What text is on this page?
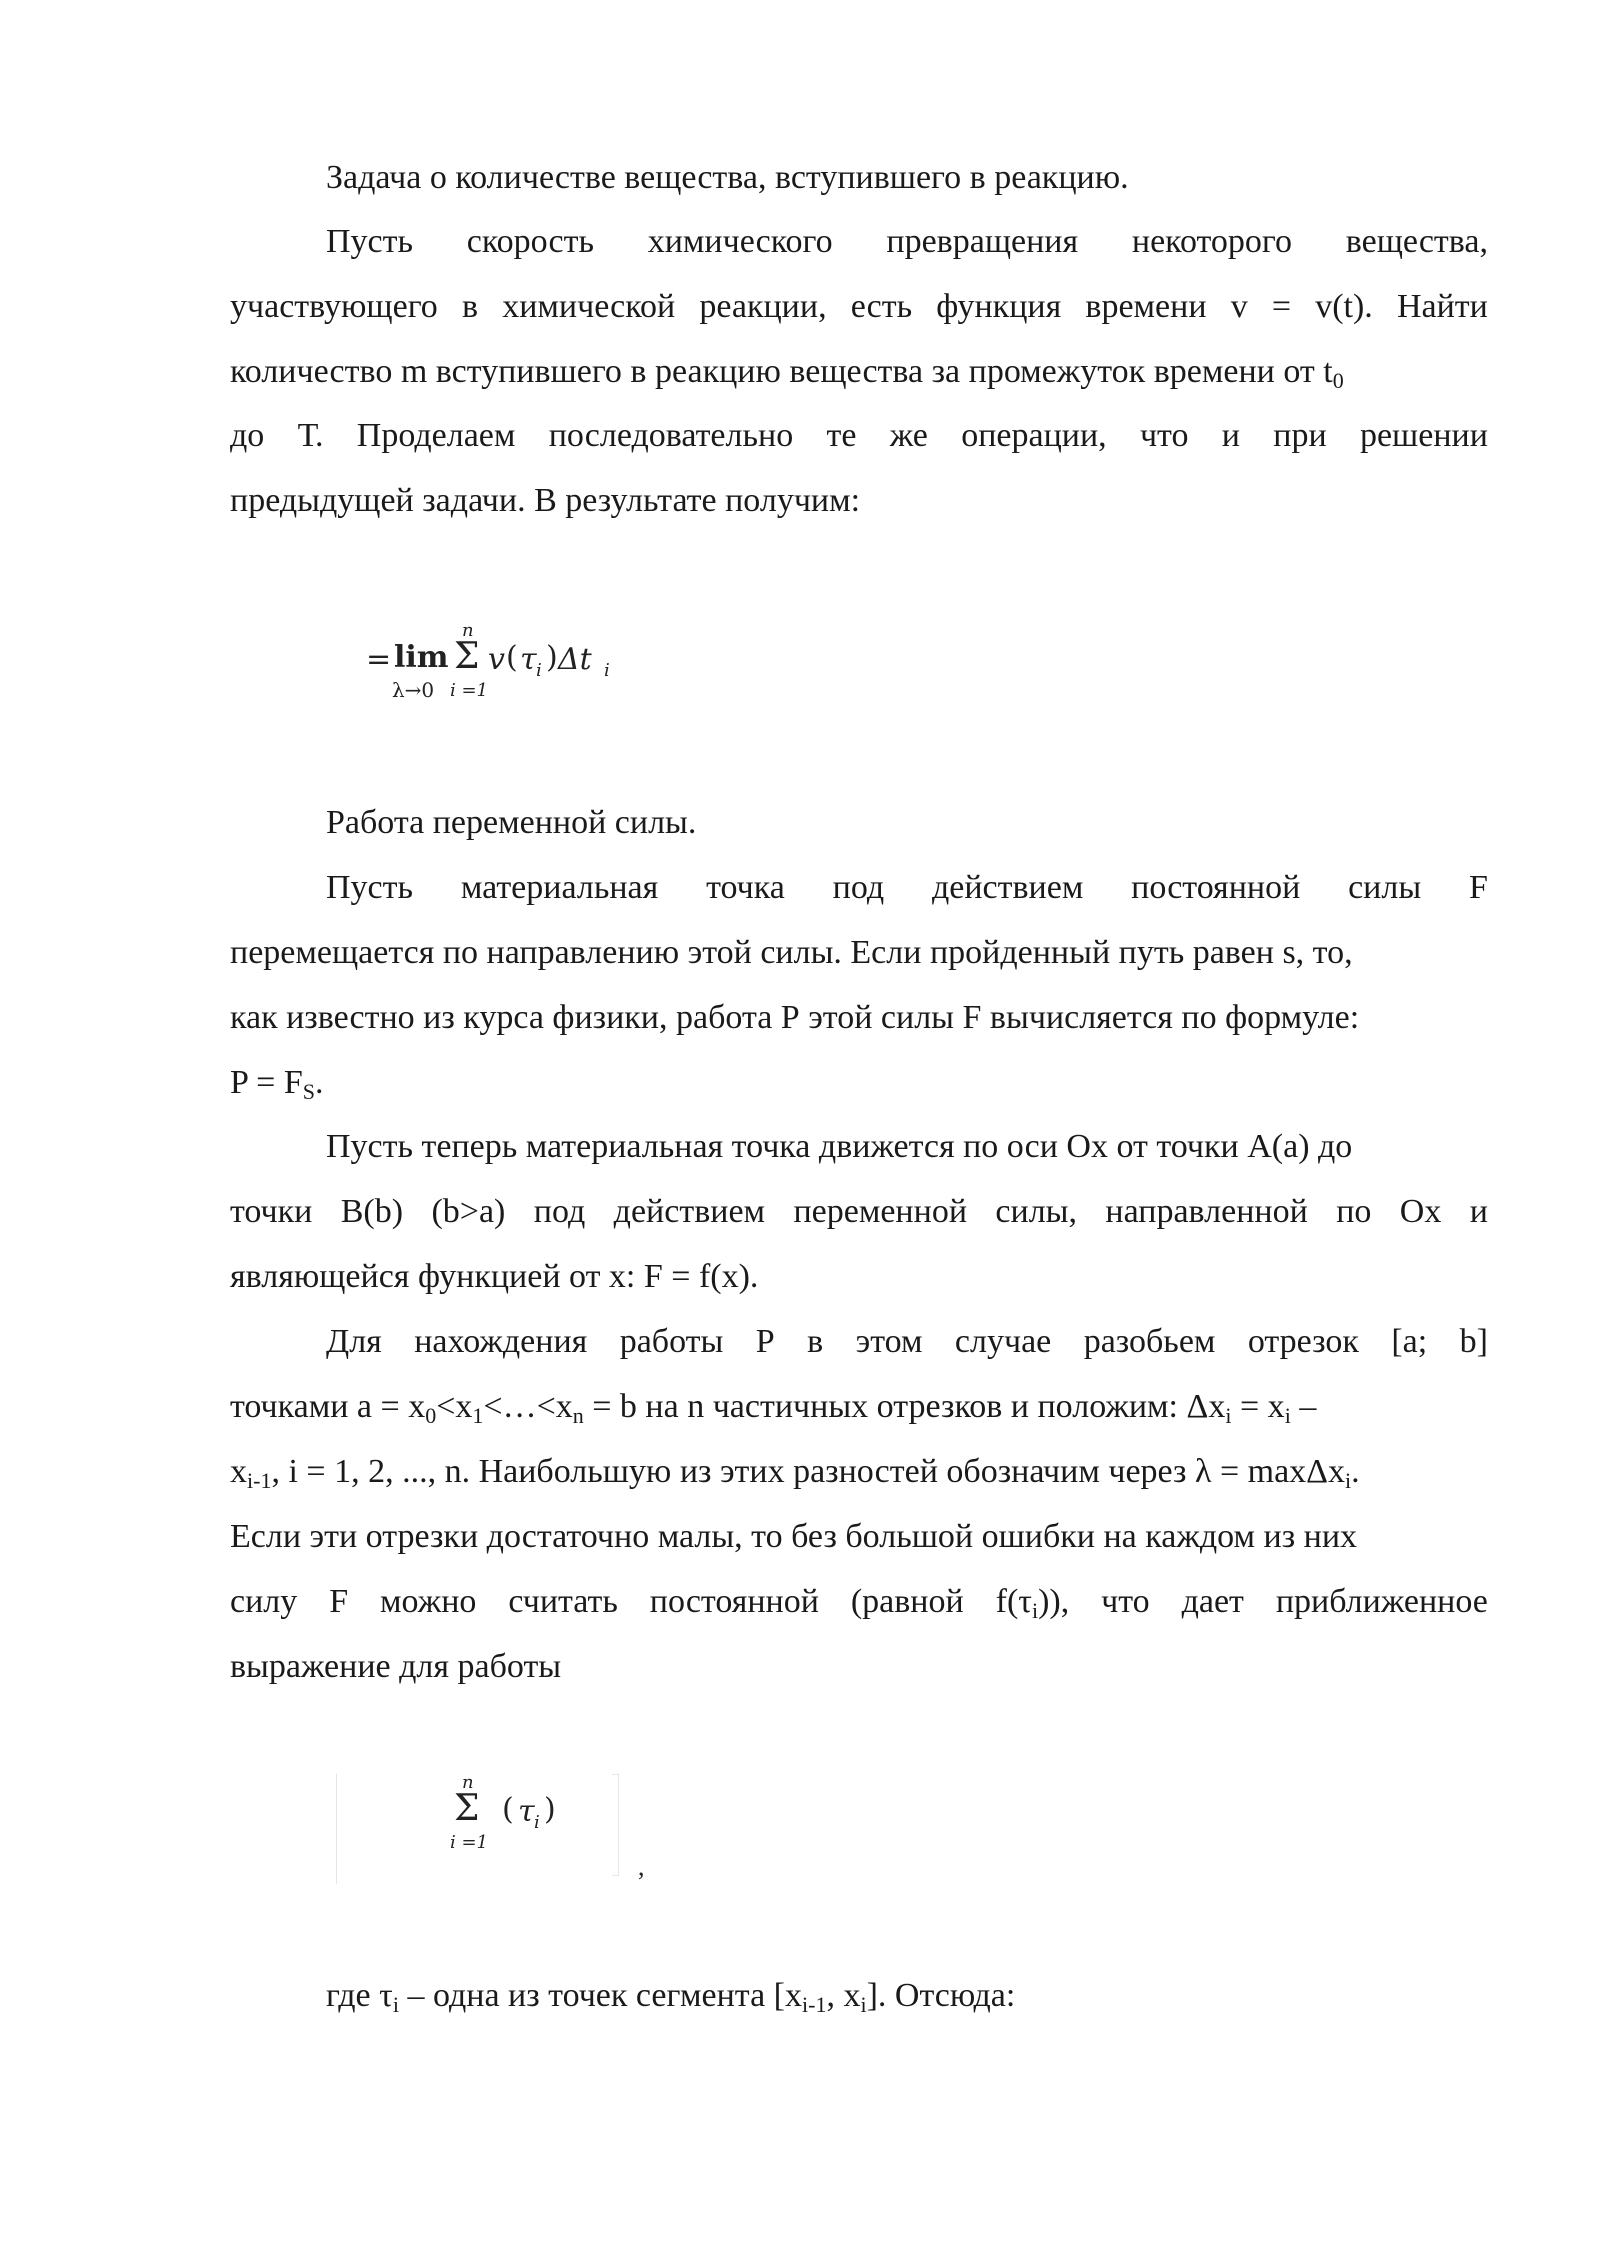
Задача о количестве вещества, вступившего в реакцию.
Пусть скорость химического превращения некоторого вещества,
участвующего в химической реакции, есть функция времени v = v(t). Найти
количество m вступившего в реакцию вещества за промежуток времени от $t_0$
до Т. Проделаем последовательно те же операции, что и при решении
предыдущей задачи. В результате получим:
= lim
λ→0
n
Σ
i =1
v ( τ i ) Δt i
Работа переменной силы.
Пусть материальная точка под действием постоянной силы F
перемещается по направлению этой силы. Если пройденный путь равен s, то,
как известно из курса физики, работа Р этой силы F вычисляется по формуле:
$P = F_S$.
Пусть теперь материальная точка движется по оси Ох от точки А(а) до
точки В(b) (b>a) под действием переменной силы, направленной по Ох и
являющейся функцией от х: F = f(x).
Для нахождения работы Р в этом случае разобьем отрезок [a; b]
точками $a = x_0<x_1<\dots<x_n = b$ на n частичных отрезков и положим: $\Delta x_i = x_i$ –
$x_{i-1}$, i = 1, 2, ..., n. Наибольшую из этих разностей обозначим через λ = maxΔx$_i$.
Если эти отрезки достаточно малы, то без большой ошибки на каждом из них
силу F можно считать постоянной (равной $f(\tau_i)$), что дает приближенное
выражение для работы
n
Σ
i =1
( τ i )
,
где $\tau_i$ – одна из точек сегмента [$x_{i-1}$, $x_i$]. Отсюда:
